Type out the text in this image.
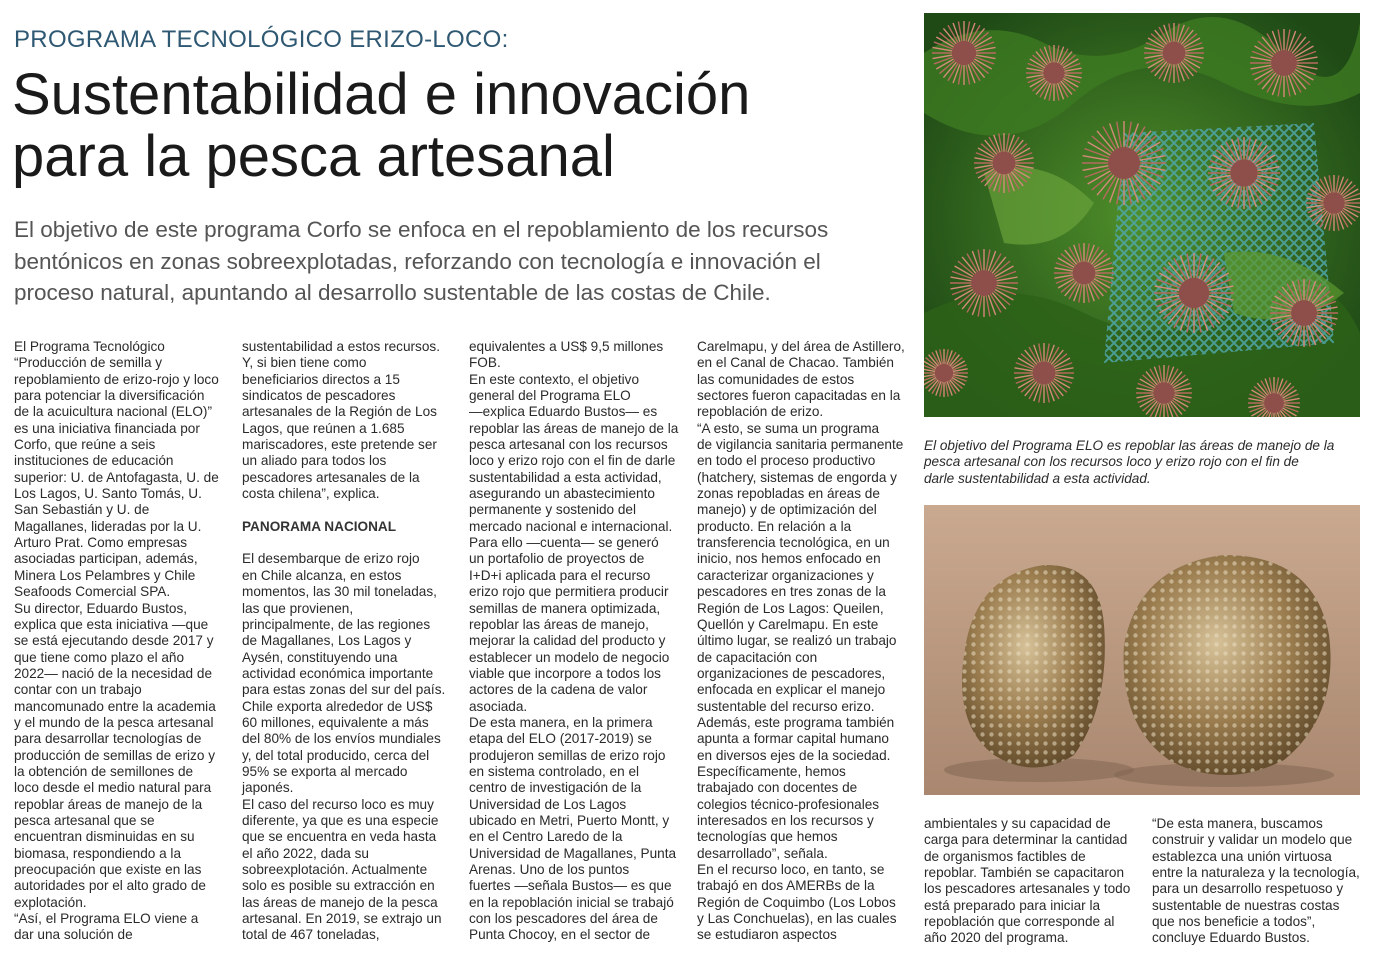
PROGRAMA TECNOLÓGICO ERIZO-LOCO:
Sustentabilidad e innovación
para la pesca artesanal
El objetivo de este programa Corfo se enfoca en el repoblamiento de los recursos
bentónicos en zonas sobreexplotadas, reforzando con tecnología e innovación el
proceso natural, apuntando al desarrollo sustentable de las costas de Chile.
El Programa Tecnológico
“Producción de semilla y
repoblamiento de erizo-rojo y loco
para potenciar la diversificación
de la acuicultura nacional (ELO)”
es una iniciativa financiada por
Corfo, que reúne a seis
instituciones de educación
superior: U. de Antofagasta, U. de
Los Lagos, U. Santo Tomás, U.
San Sebastián y U. de
Magallanes, lideradas por la U.
Arturo Prat. Como empresas
asociadas participan, además,
Minera Los Pelambres y Chile
Seafoods Comercial SPA.
Su director, Eduardo Bustos,
explica que esta iniciativa —que
se está ejecutando desde 2017 y
que tiene como plazo el año
2022— nació de la necesidad de
contar con un trabajo
mancomunado entre la academia
y el mundo de la pesca artesanal
para desarrollar tecnologías de
producción de semillas de erizo y
la obtención de semillones de
loco desde el medio natural para
repoblar áreas de manejo de la
pesca artesanal que se
encuentran disminuidas en su
biomasa, respondiendo a la
preocupación que existe en las
autoridades por el alto grado de
explotación.
“Así, el Programa ELO viene a
dar una solución de
sustentabilidad a estos recursos.
Y, si bien tiene como
beneficiarios directos a 15
sindicatos de pescadores
artesanales de la Región de Los
Lagos, que reúnen a 1.685
mariscadores, este pretende ser
un aliado para todos los
pescadores artesanales de la
costa chilena”, explica.

PANORAMA NACIONAL

El desembarque de erizo rojo
en Chile alcanza, en estos
momentos, las 30 mil toneladas,
las que provienen,
principalmente, de las regiones
de Magallanes, Los Lagos y
Aysén, constituyendo una
actividad económica importante
para estas zonas del sur del país.
Chile exporta alrededor de US$
60 millones, equivalente a más
del 80% de los envíos mundiales
y, del total producido, cerca del
95% se exporta al mercado
japonés.
El caso del recurso loco es muy
diferente, ya que es una especie
que se encuentra en veda hasta
el año 2022, dada su
sobreexplotación. Actualmente
solo es posible su extracción en
las áreas de manejo de la pesca
artesanal. En 2019, se extrajo un
total de 467 toneladas,
equivalentes a US$ 9,5 millones
FOB.
En este contexto, el objetivo
general del Programa ELO
—explica Eduardo Bustos— es
repoblar las áreas de manejo de la
pesca artesanal con los recursos
loco y erizo rojo con el fin de darle
sustentabilidad a esta actividad,
asegurando un abastecimiento
permanente y sostenido del
mercado nacional e internacional.
Para ello —cuenta— se generó
un portafolio de proyectos de
I+D+i aplicada para el recurso
erizo rojo que permitiera producir
semillas de manera optimizada,
repoblar las áreas de manejo,
mejorar la calidad del producto y
establecer un modelo de negocio
viable que incorpore a todos los
actores de la cadena de valor
asociada.
De esta manera, en la primera
etapa del ELO (2017-2019) se
produjeron semillas de erizo rojo
en sistema controlado, en el
centro de investigación de la
Universidad de Los Lagos
ubicado en Metri, Puerto Montt, y
en el Centro Laredo de la
Universidad de Magallanes, Punta
Arenas. Uno de los puntos
fuertes —señala Bustos— es que
en la repoblación inicial se trabajó
con los pescadores del área de
Punta Chocoy, en el sector de
Carelmapu, y del área de Astillero,
en el Canal de Chacao. También
las comunidades de estos
sectores fueron capacitadas en la
repoblación de erizo.
“A esto, se suma un programa
de vigilancia sanitaria permanente
en todo el proceso productivo
(hatchery, sistemas de engorda y
zonas repobladas en áreas de
manejo) y de optimización del
producto. En relación a la
transferencia tecnológica, en un
inicio, nos hemos enfocado en
caracterizar organizaciones y
pescadores en tres zonas de la
Región de Los Lagos: Queilen,
Quellón y Carelmapu. En este
último lugar, se realizó un trabajo
de capacitación con
organizaciones de pescadores,
enfocada en explicar el manejo
sustentable del recurso erizo.
Además, este programa también
apunta a formar capital humano
en diversos ejes de la sociedad.
Específicamente, hemos
trabajado con docentes de
colegios técnico-profesionales
interesados en los recursos y
tecnologías que hemos
desarrollado”, señala.
En el recurso loco, en tanto, se
trabajó en dos AMERBs de la
Región de Coquimbo (Los Lobos
y Las Conchuelas), en las cuales
se estudiaron aspectos
ambientales y su capacidad de
carga para determinar la cantidad
de organismos factibles de
repoblar. También se capacitaron
los pescadores artesanales y todo
está preparado para iniciar la
repoblación que corresponde al
año 2020 del programa.
“De esta manera, buscamos
construir y validar un modelo que
establezca una unión virtuosa
entre la naturaleza y la tecnología,
para un desarrollo respetuoso y
sustentable de nuestras costas
que nos beneficie a todos”,
concluye Eduardo Bustos.
El objetivo del Programa ELO es repoblar las áreas de manejo de la
pesca artesanal con los recursos loco y erizo rojo con el fin de
darle sustentabilidad a esta actividad.
